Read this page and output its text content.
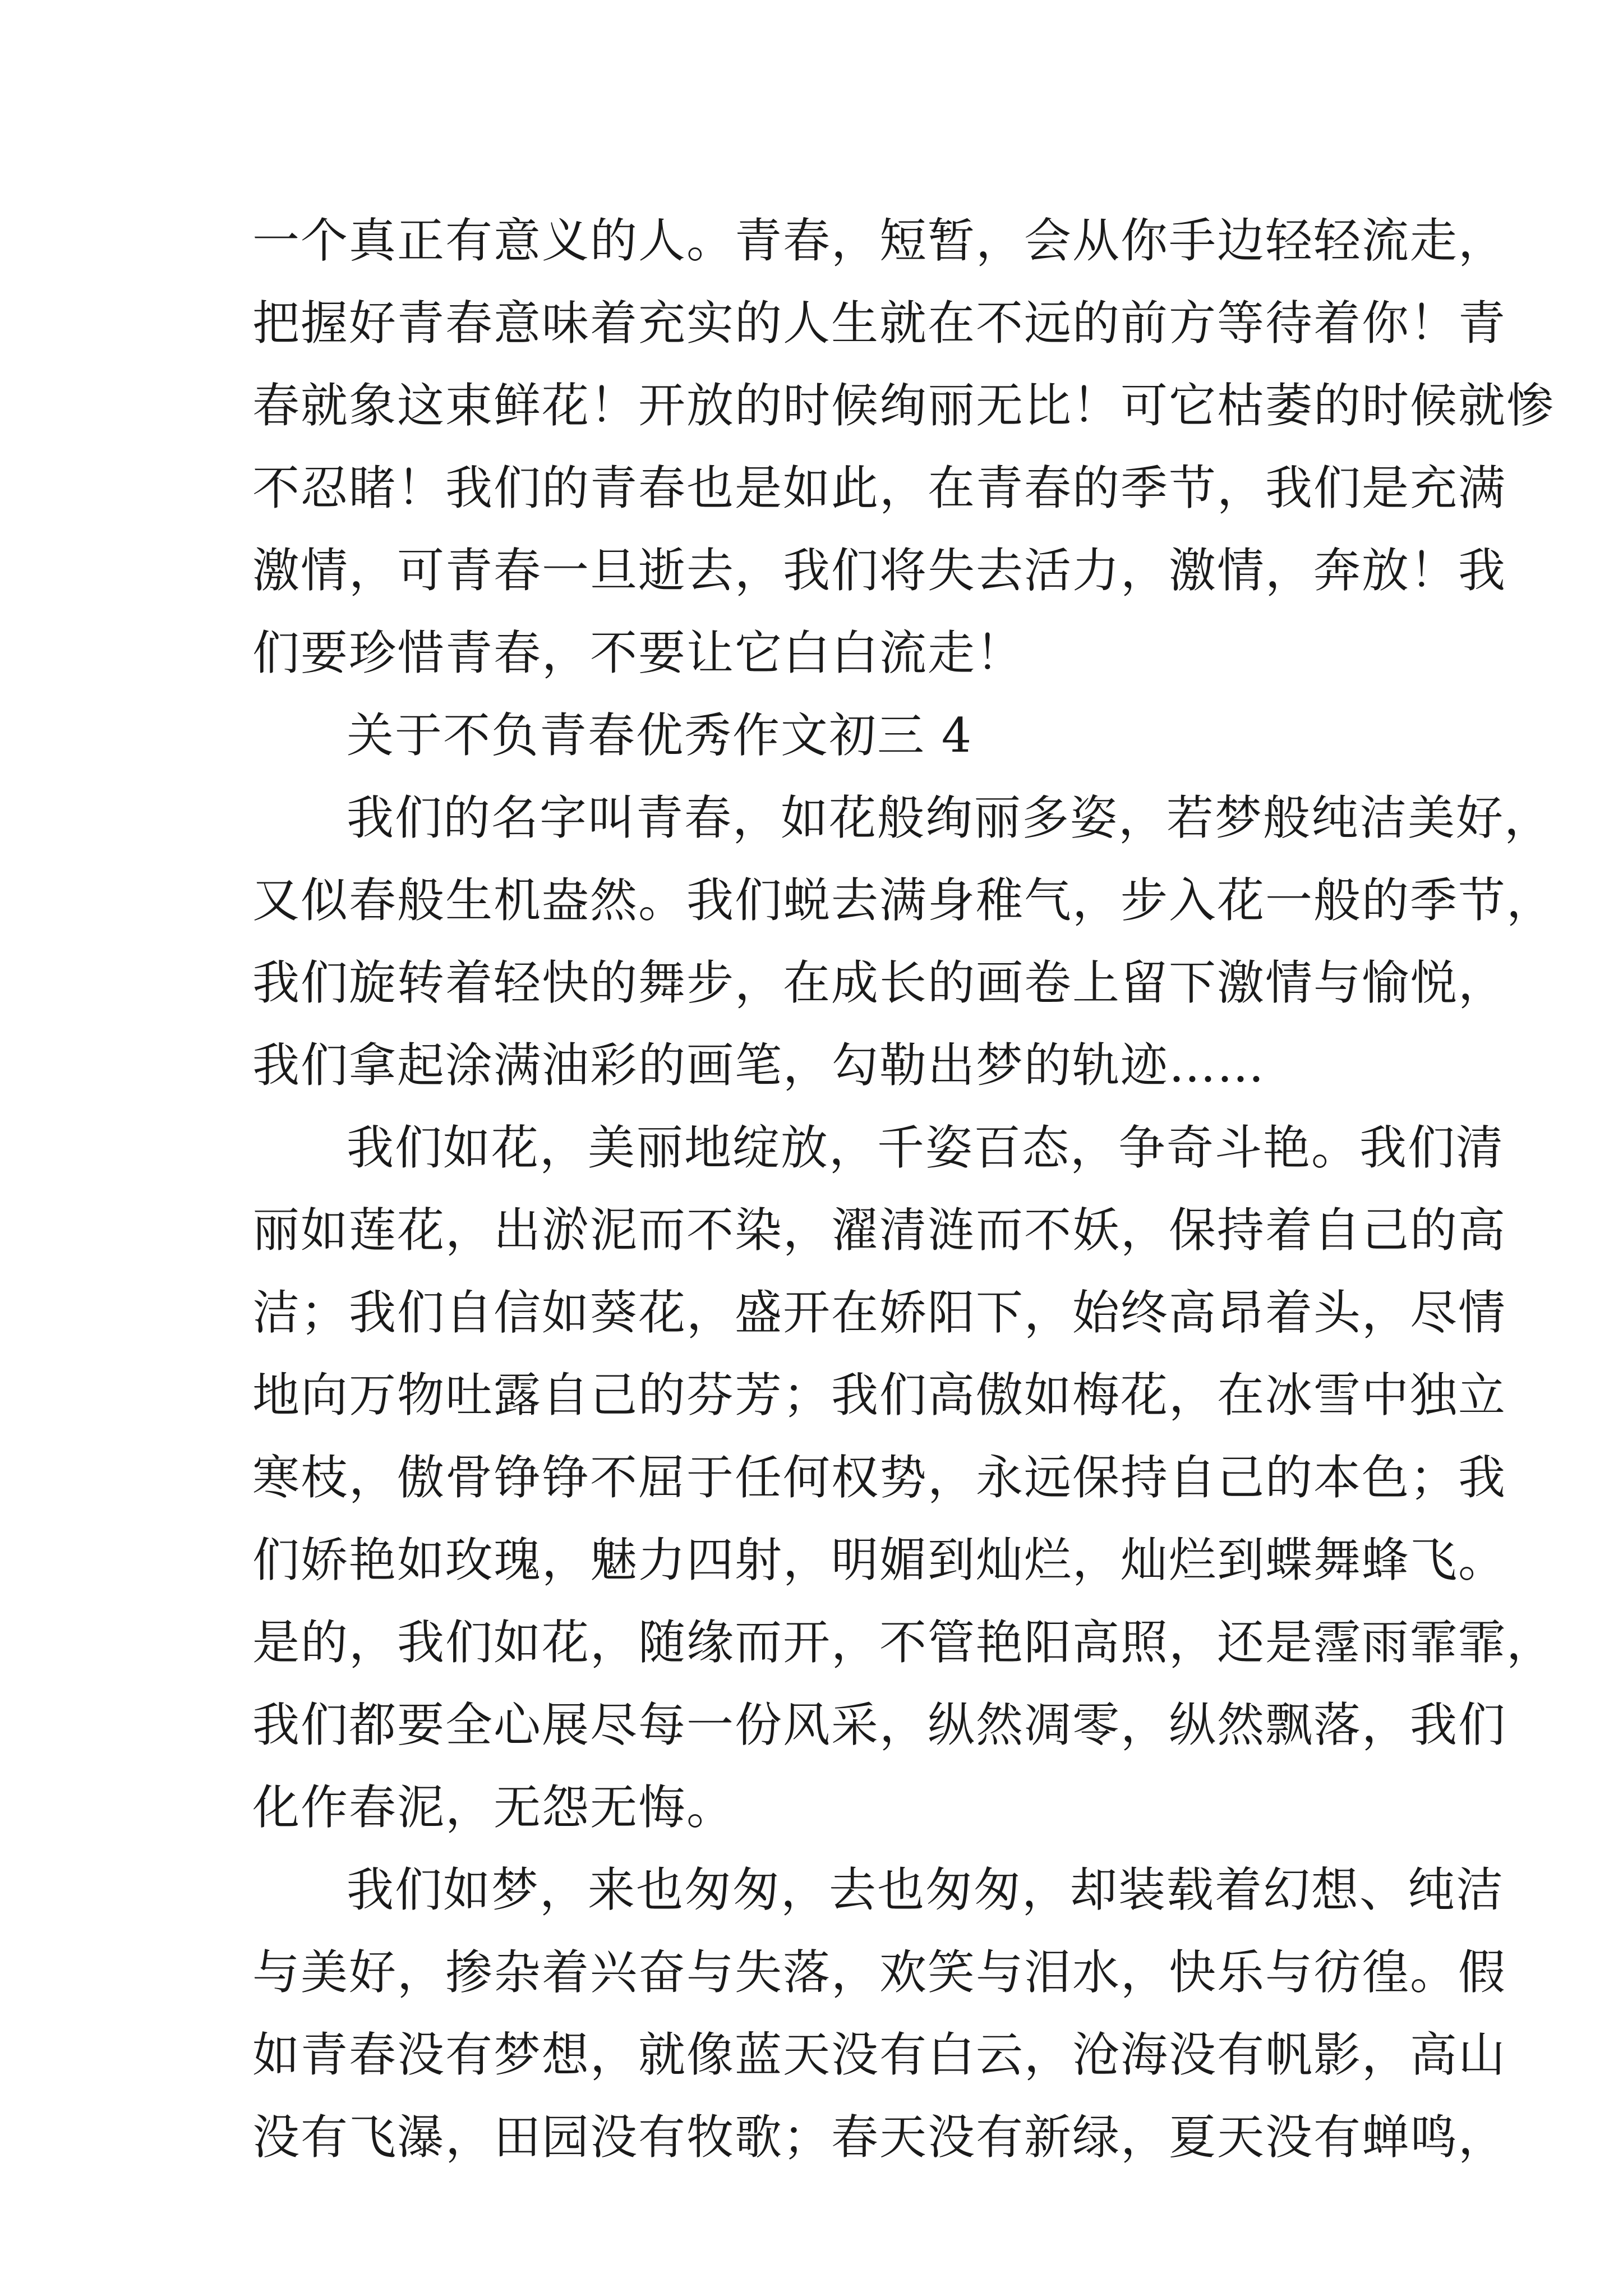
一个真正有意义的人。青春，短暂，会从你手边轻轻流走，
把握好青春意味着充实的人生就在不远的前方等待着你！青
春就象这束鲜花！开放的时候绚丽无比！可它枯萎的时候就惨
不忍睹！我们的青春也是如此，在青春的季节，我们是充满
激情，可青春一旦逝去，我们将失去活力，激情，奔放！我
们要珍惜青春，不要让它白白流走！
关于不负青春优秀作文初三 4
我们的名字叫青春，如花般绚丽多姿，若梦般纯洁美好，
又似春般生机盎然。我们蜕去满身稚气，步入花一般的季节，
我们旋转着轻快的舞步，在成长的画卷上留下激情与愉悦，
我们拿起涂满油彩的画笔，勾勒出梦的轨迹……
我们如花，美丽地绽放，千姿百态，争奇斗艳。我们清
丽如莲花，出淤泥而不染，濯清涟而不妖，保持着自己的高
洁；我们自信如葵花，盛开在娇阳下，始终高昂着头，尽情
地向万物吐露自己的芬芳；我们高傲如梅花，在冰雪中独立
寒枝，傲骨铮铮不屈于任何权势，永远保持自己的本色；我
们娇艳如玫瑰，魅力四射，明媚到灿烂，灿烂到蝶舞蜂飞。
是的，我们如花，随缘而开，不管艳阳高照，还是霪雨霏霏，
我们都要全心展尽每一份风采，纵然凋零，纵然飘落，我们
化作春泥，无怨无悔。
我们如梦，来也匆匆，去也匆匆，却装载着幻想、纯洁
与美好，掺杂着兴奋与失落，欢笑与泪水，快乐与彷徨。假
如青春没有梦想，就像蓝天没有白云，沧海没有帆影，高山
没有飞瀑，田园没有牧歌；春天没有新绿，夏天没有蝉鸣，
